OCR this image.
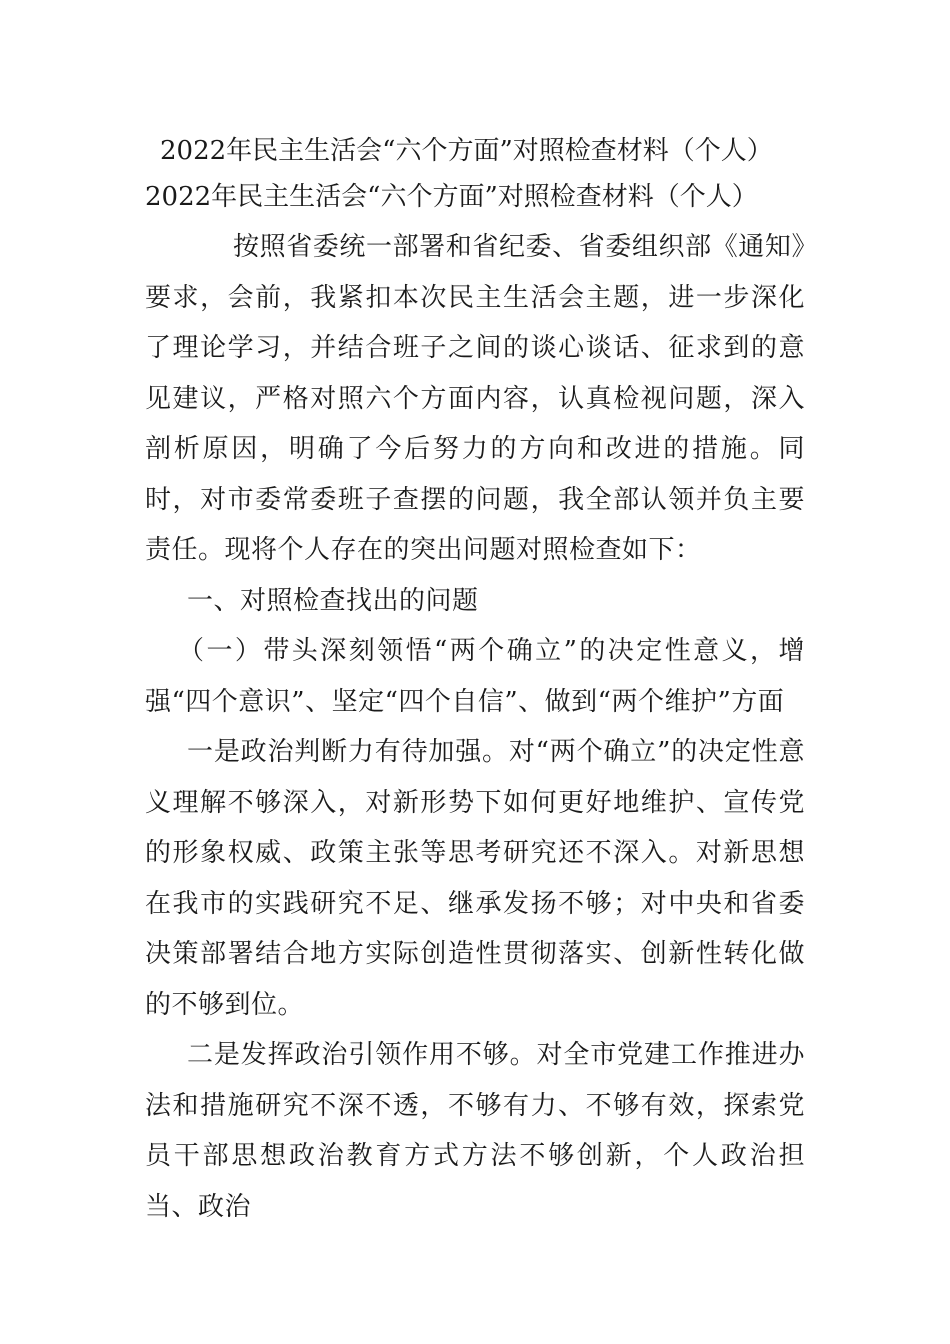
2022年民主生活会“六个方面”对照检查材料（个人）

2022年民主生活会“六个方面”对照检查材料（个人）

按照省委统一部署和省纪委、省委组织部《通知》要求，会前，我紧扣本次民主生活会主题，进一步深化了理论学习，并结合班子之间的谈心谈话、征求到的意见建议，严格对照六个方面内容，认真检视问题，深入剖析原因，明确了今后努力的方向和改进的措施。同时，对市委常委班子查摆的问题，我全部认领并负主要责任。现将个人存在的突出问题对照检查如下：

一、对照检查找出的问题

（一）带头深刻领悟“两个确立”的决定性意义，增强“四个意识”、坚定“四个自信”、做到“两个维护”方面

一是政治判断力有待加强。对“两个确立”的决定性意义理解不够深入，对新形势下如何更好地维护、宣传党的形象权威、政策主张等思考研究还不深入。对新思想在我市的实践研究不足、继承发扬不够；对中央和省委决策部署结合地方实际创造性贯彻落实、创新性转化做的不够到位。

二是发挥政治引领作用不够。对全市党建工作推进办法和措施研究不深不透，不够有力、不够有效，探索党员干部思想政治教育方式方法不够创新，个人政治担当、政治
